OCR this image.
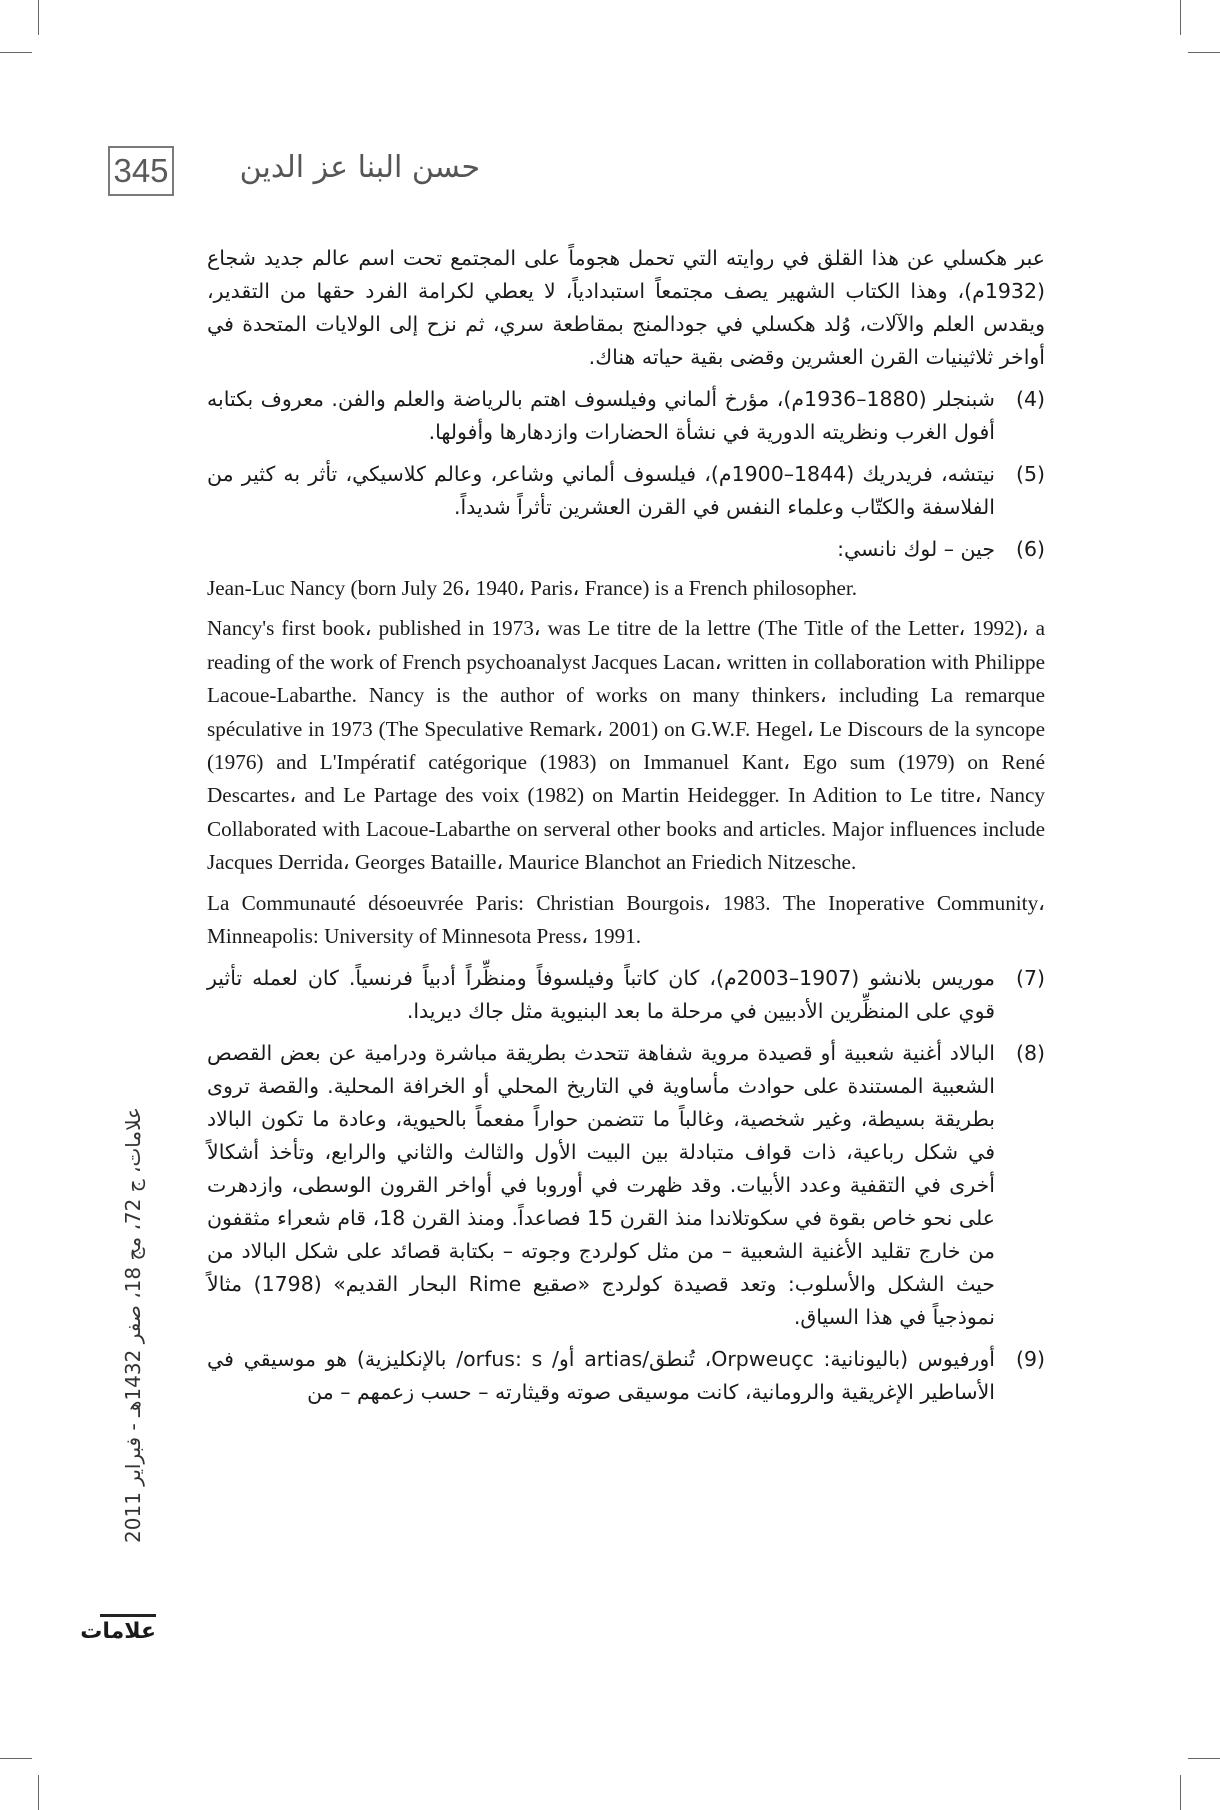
345	حسن البنا عز الدين

عبر هكسلي عن هذا القلق في روايته التي تحمل هجوماً على المجتمع تحت اسم عالم جديد شجاع (1932م)، وهذا الكتاب الشهير يصف مجتمعاً استبدادياً، لا يعطي لكرامة الفرد حقها من التقدير، ويقدس العلم والآلات، وُلد هكسلي في جودالمنج بمقاطعة سري، ثم نزح إلى الولايات المتحدة في أواخر ثلاثينيات القرن العشرين وقضى بقية حياته هناك.

(4)
شبنجلر (1880–1936م)، مؤرخ ألماني وفيلسوف اهتم بالرياضة والعلم والفن. معروف بكتابه أفول الغرب ونظريته الدورية في نشأة الحضارات وازدهارها وأفولها.
(5)
نيتشه، فريدريك (1844–1900م)، فيلسوف ألماني وشاعر، وعالم كلاسيكي، تأثر به كثير من الفلاسفة والكتّاب وعلماء النفس في القرن العشرين تأثراً شديداً.
(6)
جين – لوك نانسي:

Jean-Luc Nancy (born July 26، 1940، Paris، France) is a French philosopher.

Nancy's first book، published in 1973، was Le titre de la lettre (The Title of the Letter، 1992)، a reading of the work of French psychoanalyst Jacques Lacan، written in collaboration with Philippe Lacoue-Labarthe. Nancy is the author of works on many thinkers، including La remarque spéculative in 1973 (The Speculative Remark، 2001) on G.W.F. Hegel، Le Discours de la syncope (1976) and L'Impératif catégorique (1983) on Immanuel Kant، Ego sum (1979) on René Descartes، and Le Partage des voix (1982) on Martin Heidegger. In Adition to Le titre، Nancy Collaborated with Lacoue-Labarthe on serveral other books and articles. Major influences include Jacques Derrida، Georges Bataille، Maurice Blanchot an Friedich Nitzesche.

La Communauté désoeuvrée Paris: Christian Bourgois، 1983. The Inoperative Community، Minneapolis: University of Minnesota Press، 1991.

(7)
موريس بلانشو (1907–2003م)، كان كاتباً وفيلسوفاً ومنظِّراً أدبياً فرنسياً. كان لعمله تأثير قوي على المنظِّرين الأدبيين في مرحلة ما بعد البنيوية مثل جاك ديريدا.
(8)
البالاد أغنية شعبية أو قصيدة مروية شفاهة تتحدث بطريقة مباشرة ودرامية عن بعض القصص الشعبية المستندة على حوادث مأساوية في التاريخ المحلي أو الخرافة المحلية. والقصة تروى بطريقة بسيطة، وغير شخصية، وغالباً ما تتضمن حواراً مفعماً بالحيوية، وعادة ما تكون البالاد في شكل رباعية، ذات قواف متبادلة بين البيت الأول والثالث والثاني والرابع، وتأخذ أشكالاً أخرى في التقفية وعدد الأبيات. وقد ظهرت في أوروبا في أواخر القرون الوسطى، وازدهرت على نحو خاص بقوة في سكوتلاندا منذ القرن 15 فصاعداً. ومنذ القرن 18، قام شعراء مثقفون من خارج تقليد الأغنية الشعبية – من مثل كولردج وجوته – بكتابة قصائد على شكل البالاد من حيث الشكل والأسلوب: وتعد قصيدة كولردج «صقيع Rime البحار القديم» (1798) مثالاً نموذجياً في هذا السياق.
(9)
أورفيوس (باليونانية: Orpweuçc، تُنطق/artias أو/ orfus: s/ بالإنكليزية) هو موسيقي في الأساطير الإغريقية والرومانية، كانت موسيقى صوته وقيثارته – حسب زعمهم – من
علامات، ج 72، مج 18، صفر 1432هـ - فبراير 2011
علامات
